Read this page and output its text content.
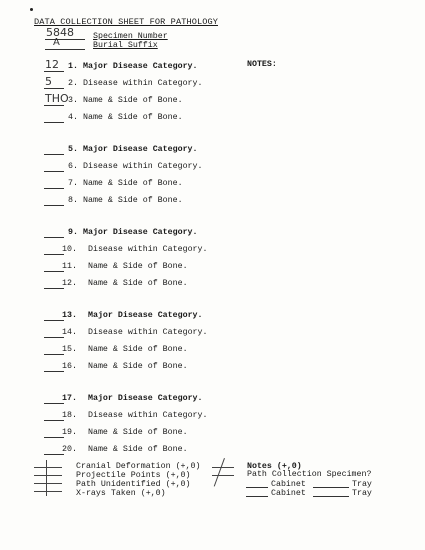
DATA COLLECTION SHEET FOR PATHOLOGY
5848 Specimen Number
A	Burial Suffix
NOTES:
12 1. Major Disease Category.
5 2. Disease within Category.
THO 3. Name & Side of Bone.
4. Name & Side of Bone.
5. Major Disease Category.
6. Disease within Category.
7. Name & Side of Bone.
8. Name & Side of Bone.
9. Major Disease Category.
10. Disease within Category.
11. Name & Side of Bone.
12. Name & Side of Bone.
13. Major Disease Category.
14. Disease within Category.
15. Name & Side of Bone.
16. Name & Side of Bone.
17. Major Disease Category.
18. Disease within Category.
19. Name & Side of Bone.
20. Name & Side of Bone.
Cranial Deformation (+,0)
Projectile Points (+,0)
Path Unidentified (+,0)
X-rays Taken (+,0)
Notes (+,0)
Path Collection Specimen?
Cabinet	Tray
Cabinet	Tray
